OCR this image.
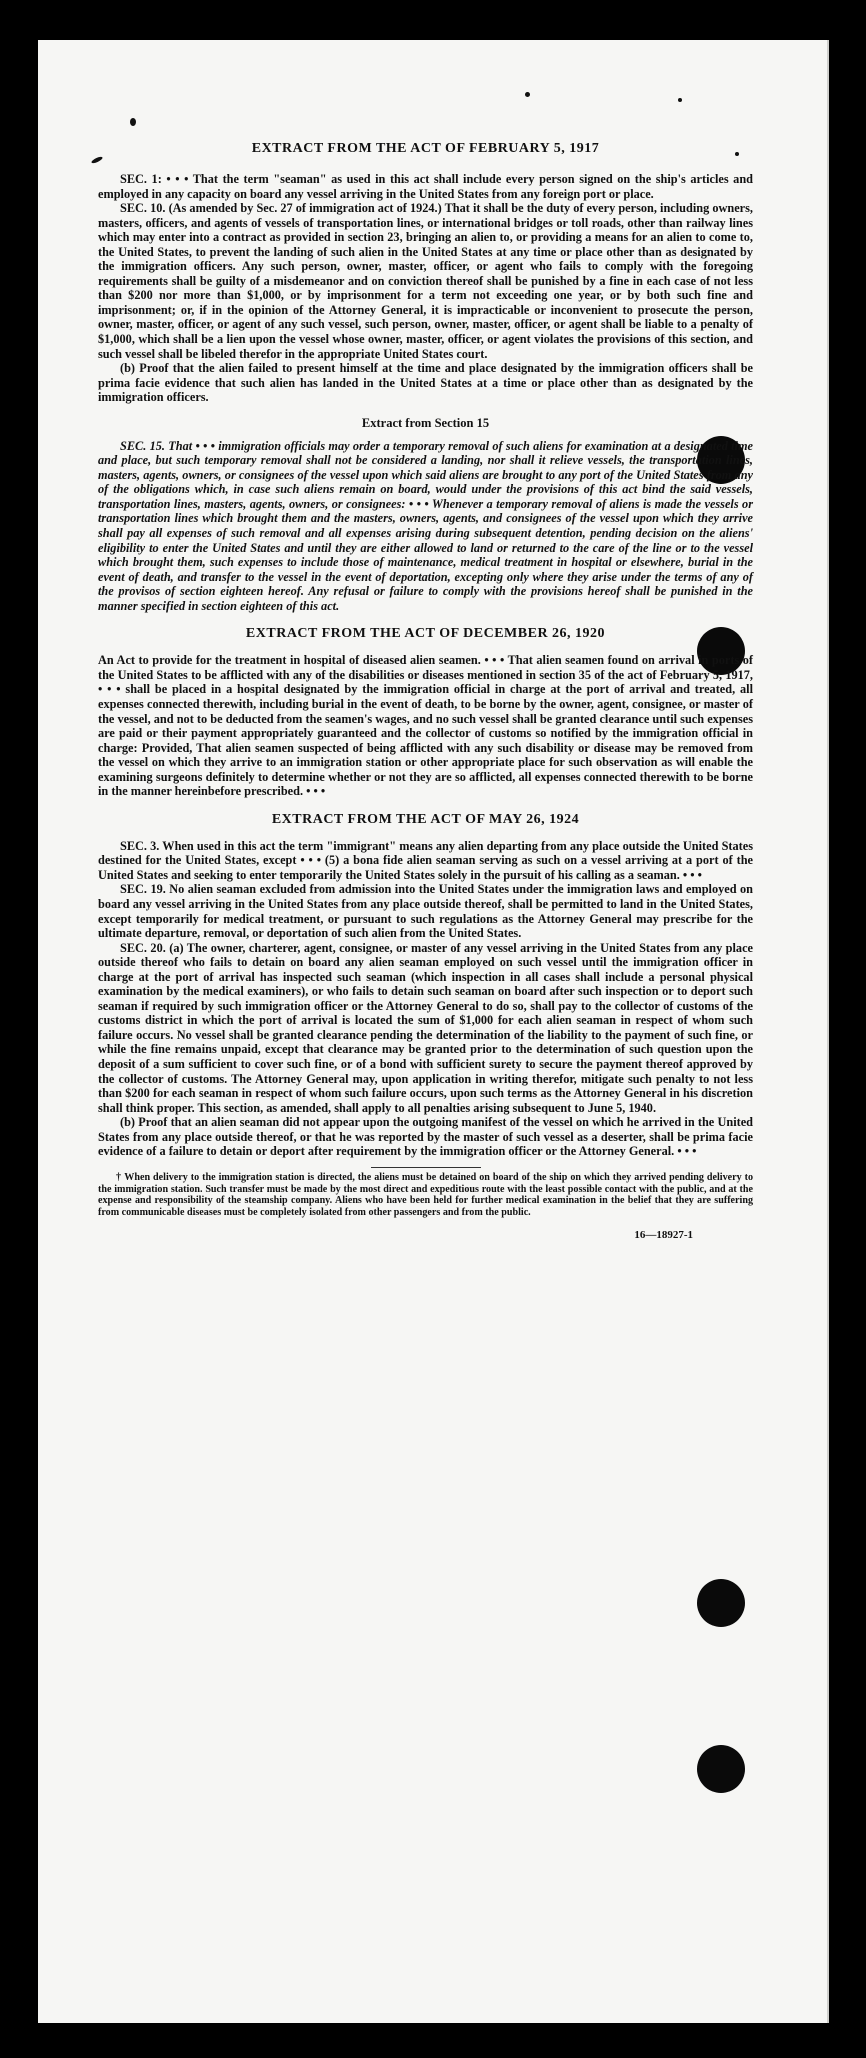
EXTRACT FROM THE ACT OF FEBRUARY 5, 1917

SEC. 1: • • • That the term "seaman" as used in this act shall include every person signed on the ship's articles and employed in any capacity on board any vessel arriving in the United States from any foreign port or place.

SEC. 10. (As amended by Sec. 27 of immigration act of 1924.) That it shall be the duty of every person, including owners, masters, officers, and agents of vessels of transportation lines, or international bridges or toll roads, other than railway lines which may enter into a contract as provided in section 23, bringing an alien to, or providing a means for an alien to come to, the United States, to prevent the landing of such alien in the United States at any time or place other than as designated by the immigration officers. Any such person, owner, master, officer, or agent who fails to comply with the foregoing requirements shall be guilty of a misdemeanor and on conviction thereof shall be punished by a fine in each case of not less than $200 nor more than $1,000, or by imprisonment for a term not exceeding one year, or by both such fine and imprisonment; or, if in the opinion of the Attorney General, it is impracticable or inconvenient to prosecute the person, owner, master, officer, or agent of any such vessel, such person, owner, master, officer, or agent shall be liable to a penalty of $1,000, which shall be a lien upon the vessel whose owner, master, officer, or agent violates the provisions of this section, and such vessel shall be libeled therefor in the appropriate United States court.

(b) Proof that the alien failed to present himself at the time and place designated by the immigration officers shall be prima facie evidence that such alien has landed in the United States at a time or place other than as designated by the immigration officers.

Extract from Section 15

SEC. 15. That • • • immigration officials may order a temporary removal of such aliens for examination at a designated time and place, but such temporary removal shall not be considered a landing, nor shall it relieve vessels, the transportation lines, masters, agents, owners, or consignees of the vessel upon which said aliens are brought to any port of the United States from any of the obligations which, in case such aliens remain on board, would under the provisions of this act bind the said vessels, transportation lines, masters, agents, owners, or consignees: • • • Whenever a temporary removal of aliens is made the vessels or transportation lines which brought them and the masters, owners, agents, and consignees of the vessel upon which they arrive shall pay all expenses of such removal and all expenses arising during subsequent detention, pending decision on the aliens' eligibility to enter the United States and until they are either allowed to land or returned to the care of the line or to the vessel which brought them, such expenses to include those of maintenance, medical treatment in hospital or elsewhere, burial in the event of death, and transfer to the vessel in the event of deportation, excepting only where they arise under the terms of any of the provisos of section eighteen hereof. Any refusal or failure to comply with the provisions hereof shall be punished in the manner specified in section eighteen of this act.

EXTRACT FROM THE ACT OF DECEMBER 26, 1920

An Act to provide for the treatment in hospital of diseased alien seamen. • • • That alien seamen found on arrival in ports of the United States to be afflicted with any of the disabilities or diseases mentioned in section 35 of the act of February 5, 1917, • • • shall be placed in a hospital designated by the immigration official in charge at the port of arrival and treated, all expenses connected therewith, including burial in the event of death, to be borne by the owner, agent, consignee, or master of the vessel, and not to be deducted from the seamen's wages, and no such vessel shall be granted clearance until such expenses are paid or their payment appropriately guaranteed and the collector of customs so notified by the immigration official in charge: Provided, That alien seamen suspected of being afflicted with any such disability or disease may be removed from the vessel on which they arrive to an immigration station or other appropriate place for such observation as will enable the examining surgeons definitely to determine whether or not they are so afflicted, all expenses connected therewith to be borne in the manner hereinbefore prescribed. • • •

EXTRACT FROM THE ACT OF MAY 26, 1924

SEC. 3. When used in this act the term "immigrant" means any alien departing from any place outside the United States destined for the United States, except • • • (5) a bona fide alien seaman serving as such on a vessel arriving at a port of the United States and seeking to enter temporarily the United States solely in the pursuit of his calling as a seaman. • • •

SEC. 19. No alien seaman excluded from admission into the United States under the immigration laws and employed on board any vessel arriving in the United States from any place outside thereof, shall be permitted to land in the United States, except temporarily for medical treatment, or pursuant to such regulations as the Attorney General may prescribe for the ultimate departure, removal, or deportation of such alien from the United States.

SEC. 20. (a) The owner, charterer, agent, consignee, or master of any vessel arriving in the United States from any place outside thereof who fails to detain on board any alien seaman employed on such vessel until the immigration officer in charge at the port of arrival has inspected such seaman (which inspection in all cases shall include a personal physical examination by the medical examiners), or who fails to detain such seaman on board after such inspection or to deport such seaman if required by such immigration officer or the Attorney General to do so, shall pay to the collector of customs of the customs district in which the port of arrival is located the sum of $1,000 for each alien seaman in respect of whom such failure occurs. No vessel shall be granted clearance pending the determination of the liability to the payment of such fine, or while the fine remains unpaid, except that clearance may be granted prior to the determination of such question upon the deposit of a sum sufficient to cover such fine, or of a bond with sufficient surety to secure the payment thereof approved by the collector of customs. The Attorney General may, upon application in writing therefor, mitigate such penalty to not less than $200 for each seaman in respect of whom such failure occurs, upon such terms as the Attorney General in his discretion shall think proper. This section, as amended, shall apply to all penalties arising subsequent to June 5, 1940.

(b) Proof that an alien seaman did not appear upon the outgoing manifest of the vessel on which he arrived in the United States from any place outside thereof, or that he was reported by the master of such vessel as a deserter, shall be prima facie evidence of a failure to detain or deport after requirement by the immigration officer or the Attorney General. • • •

† When delivery to the immigration station is directed, the aliens must be detained on board of the ship on which they arrived pending delivery to the immigration station. Such transfer must be made by the most direct and expeditious route with the least possible contact with the public, and at the expense and responsibility of the steamship company. Aliens who have been held for further medical examination in the belief that they are suffering from communicable diseases must be completely isolated from other passengers and from the public.

16—18927-1
